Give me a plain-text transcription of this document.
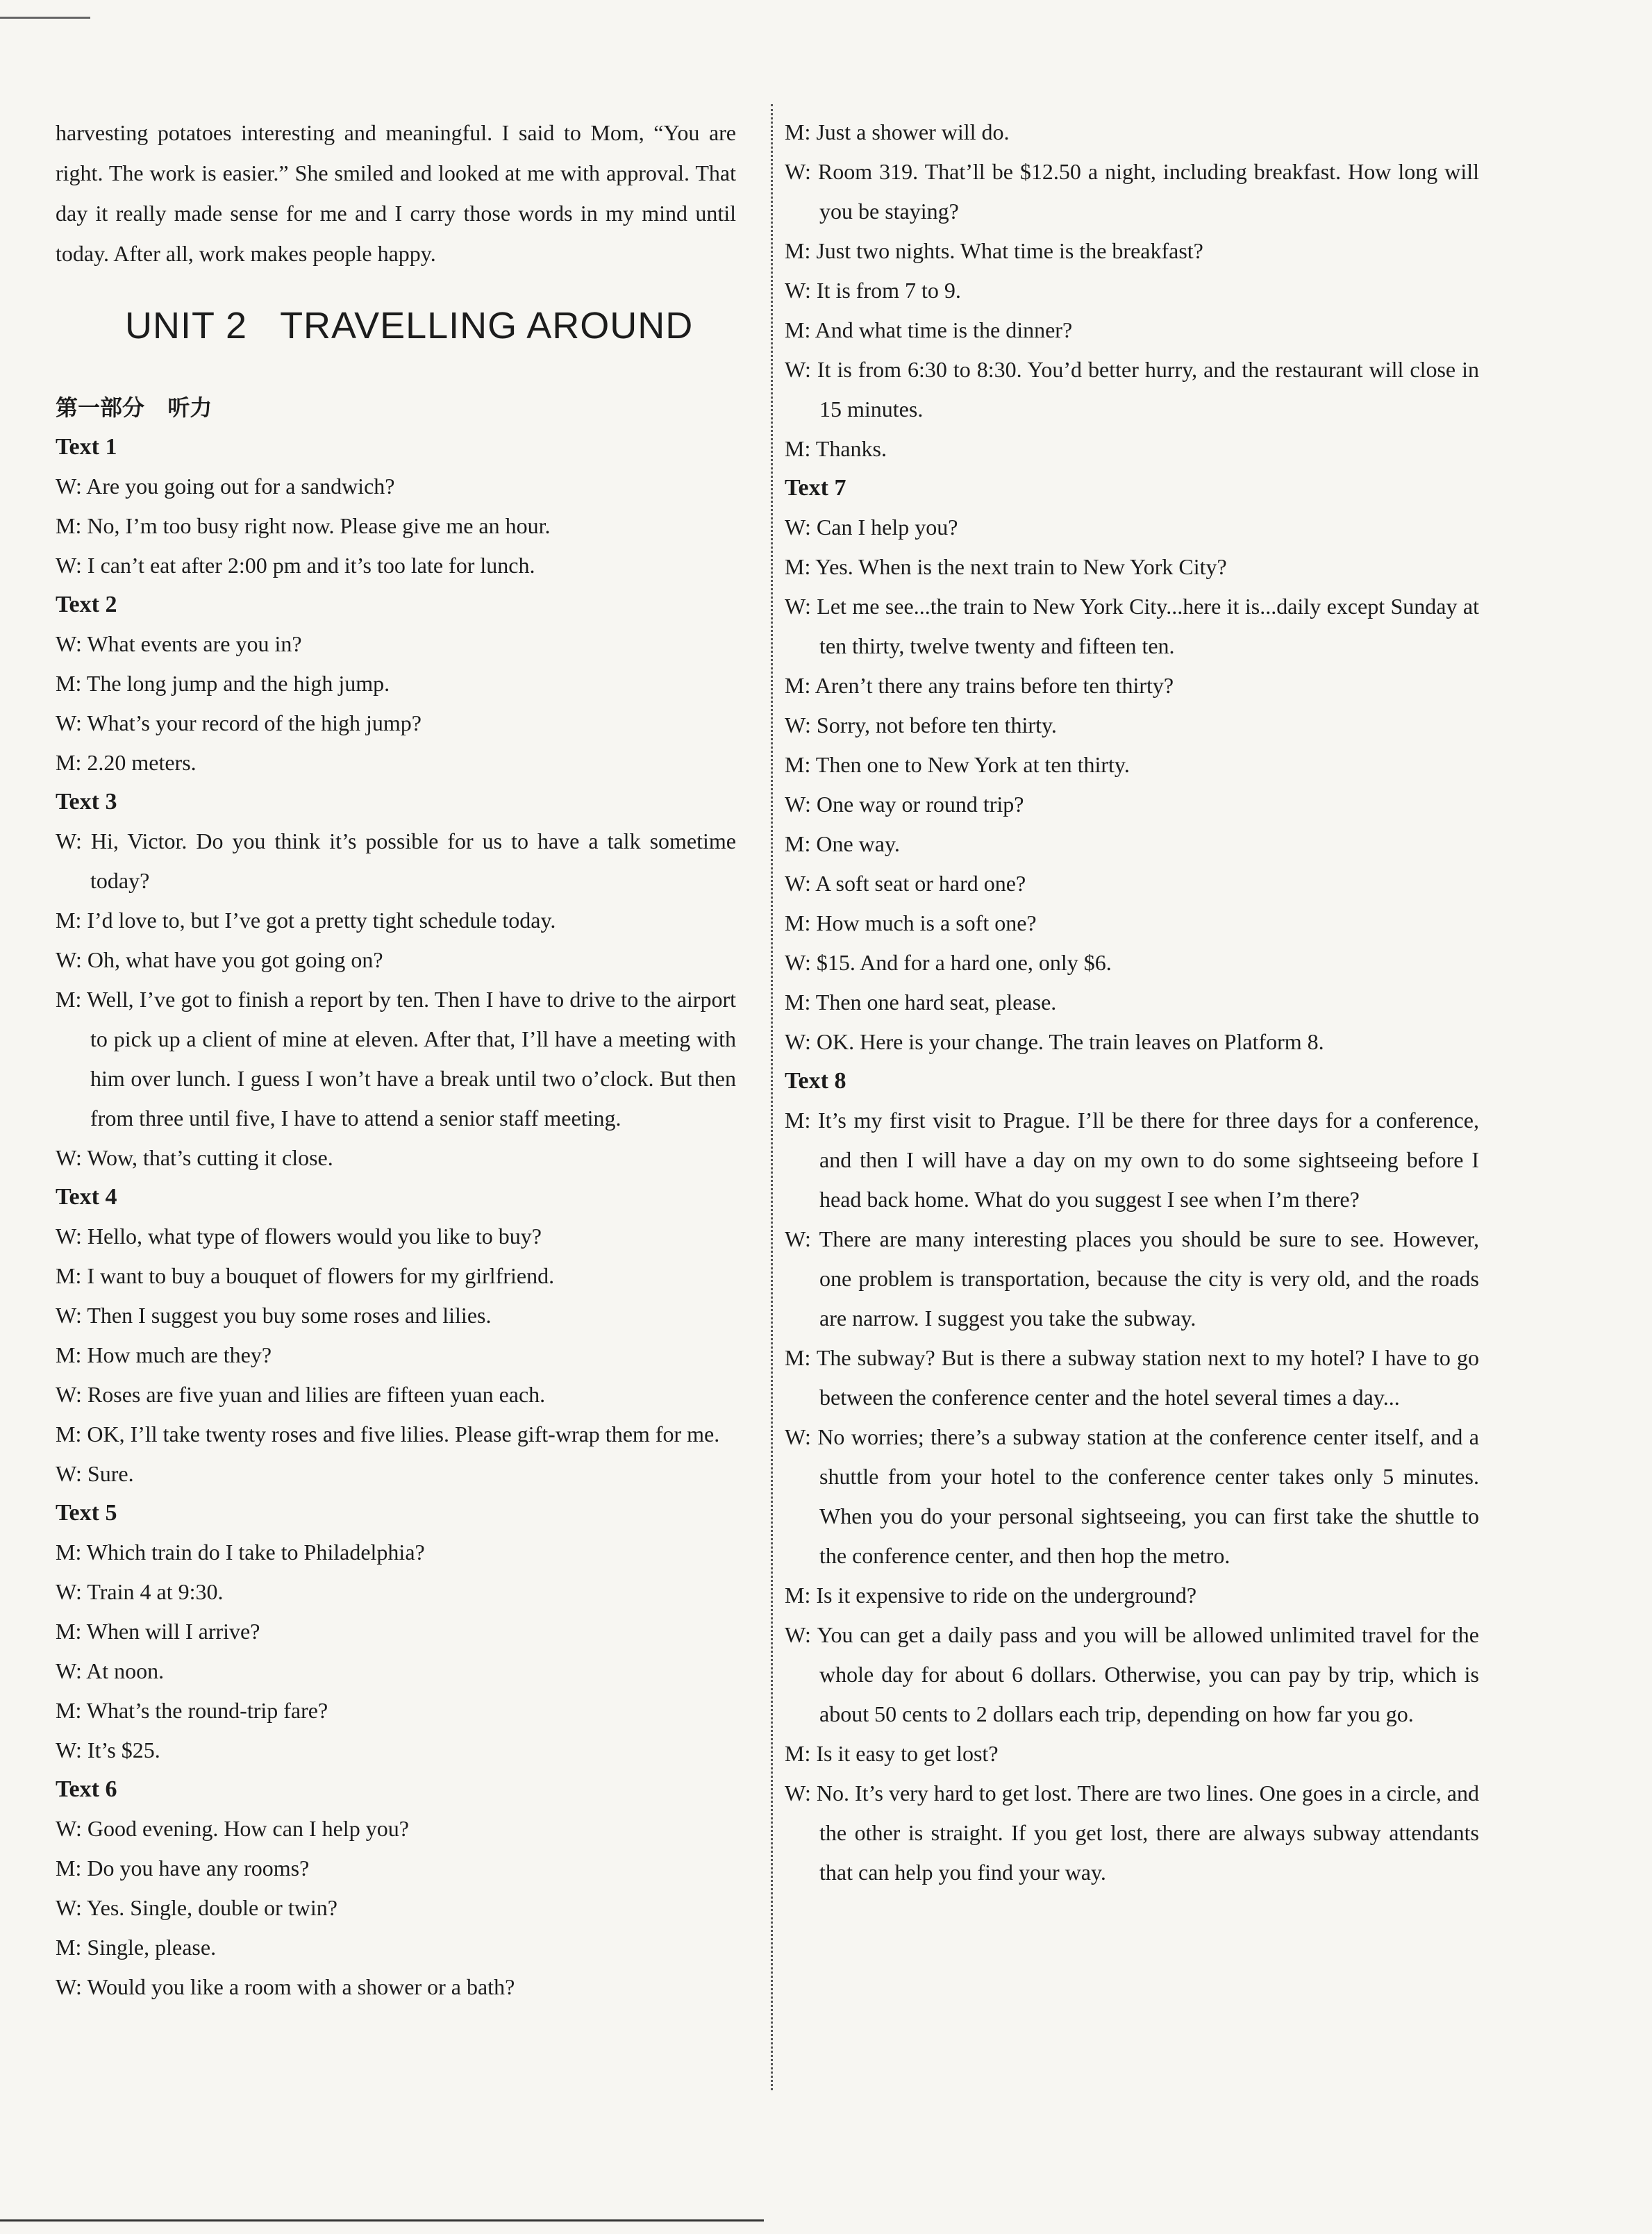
harvesting potatoes interesting and meaningful. I said to Mom, “You are right. The work is easier.” She smiled and looked at me with approval. That day it really made sense for me and I carry those words in my mind until today. After all, work makes people happy.

UNIT 2   TRAVELLING AROUND

第一部分   听力

Text 1

W: Are you going out for a sandwich?

M: No, I’m too busy right now. Please give me an hour.

W: I can’t eat after 2:00 pm and it’s too late for lunch.

Text 2

W: What events are you in?

M: The long jump and the high jump.

W: What’s your record of the high jump?

M: 2.20 meters.

Text 3

W: Hi, Victor. Do you think it’s possible for us to have a talk sometime today?

M: I’d love to, but I’ve got a pretty tight schedule today.

W: Oh, what have you got going on?

M: Well, I’ve got to finish a report by ten. Then I have to drive to the airport to pick up a client of mine at eleven. After that, I’ll have a meeting with him over lunch. I guess I won’t have a break until two o’clock. But then from three until five, I have to attend a senior staff meeting.

W: Wow, that’s cutting it close.

Text 4

W: Hello, what type of flowers would you like to buy?

M: I want to buy a bouquet of flowers for my girlfriend.

W: Then I suggest you buy some roses and lilies.

M: How much are they?

W: Roses are five yuan and lilies are fifteen yuan each.

M: OK, I’ll take twenty roses and five lilies. Please gift-wrap them for me.

W: Sure.

Text 5

M: Which train do I take to Philadelphia?

W: Train 4 at 9:30.

M: When will I arrive?

W: At noon.

M: What’s the round-trip fare?

W: It’s $25.

Text 6

W: Good evening. How can I help you?

M: Do you have any rooms?

W: Yes. Single, double or twin?

M: Single, please.

W: Would you like a room with a shower or a bath?

M: Just a shower will do.

W: Room 319. That’ll be $12.50 a night, including breakfast. How long will you be staying?

M: Just two nights. What time is the breakfast?

W: It is from 7 to 9.

M: And what time is the dinner?

W: It is from 6:30 to 8:30. You’d better hurry, and the restaurant will close in 15 minutes.

M: Thanks.

Text 7

W: Can I help you?

M: Yes. When is the next train to New York City?

W: Let me see...the train to New York City...here it is...daily except Sunday at ten thirty, twelve twenty and fifteen ten.

M: Aren’t there any trains before ten thirty?

W: Sorry, not before ten thirty.

M: Then one to New York at ten thirty.

W: One way or round trip?

M: One way.

W: A soft seat or hard one?

M: How much is a soft one?

W: $15. And for a hard one, only $6.

M: Then one hard seat, please.

W: OK. Here is your change. The train leaves on Platform 8.

Text 8

M: It’s my first visit to Prague. I’ll be there for three days for a conference, and then I will have a day on my own to do some sightseeing before I head back home. What do you suggest I see when I’m there?

W: There are many interesting places you should be sure to see. However, one problem is transportation, because the city is very old, and the roads are narrow. I suggest you take the subway.

M: The subway? But is there a subway station next to my hotel? I have to go between the conference center and the hotel several times a day...

W: No worries; there’s a subway station at the conference center itself, and a shuttle from your hotel to the conference center takes only 5 minutes. When you do your personal sightseeing, you can first take the shuttle to the conference center, and then hop the metro.

M: Is it expensive to ride on the underground?

W: You can get a daily pass and you will be allowed unlimited travel for the whole day for about 6 dollars. Otherwise, you can pay by trip, which is about 50 cents to 2 dollars each trip, depending on how far you go.

M: Is it easy to get lost?

W: No. It’s very hard to get lost. There are two lines. One goes in a circle, and the other is straight. If you get lost, there are always subway attendants that can help you find your way.
